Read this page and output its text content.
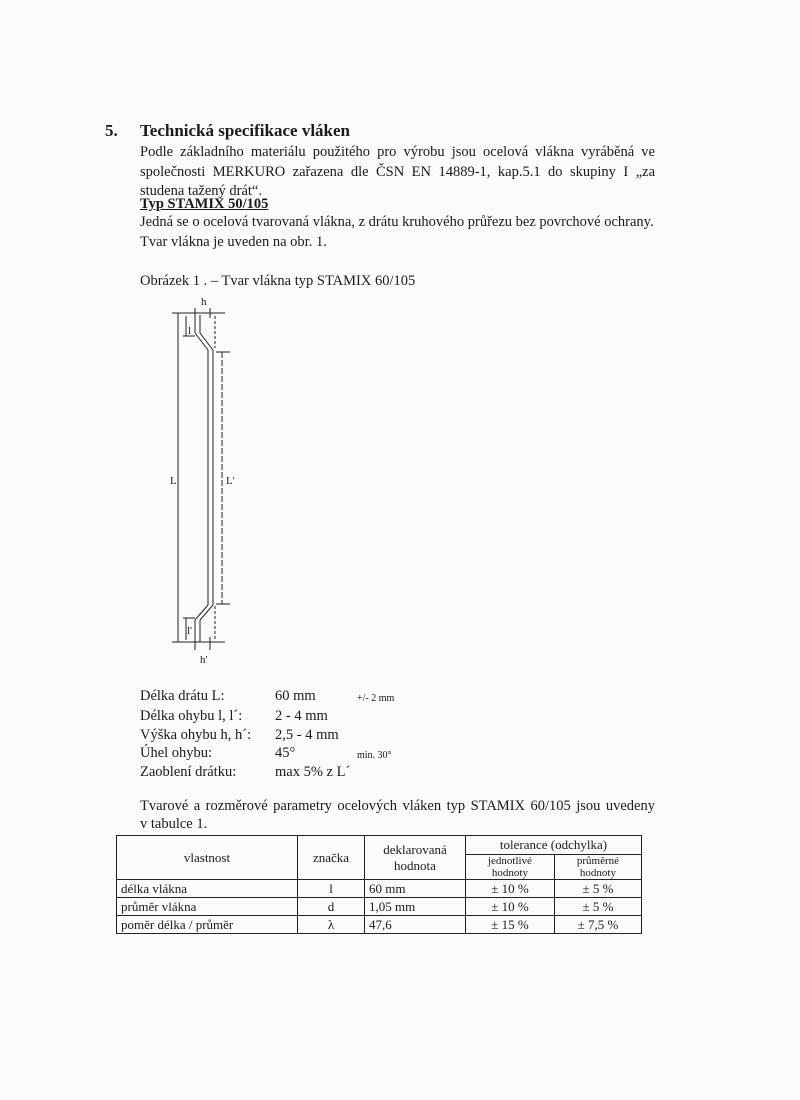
5. Technická specifikace vláken
Podle základního materiálu použitého pro výrobu jsou ocelová vlákna vyráběná ve
společnosti MERKURO zařazena dle ČSN EN 14889-1, kap.5.1 do skupiny I „za
studena tažený drát“.
Typ STAMIX 50/105
Jedná se o ocelová tvarovaná vlákna, z drátu kruhového průřezu bez povrchové ochrany.
Tvar vlákna je uveden na obr. 1.
Obrázek 1 . – Tvar vlákna typ STAMIX 60/105
h
l
L	L'
l'
h'
Délka drátu L:	60 mm	+/- 2 mm
Délka ohybu l, l´:	2 - 4 mm
Výška ohybu h, h´:	2,5 - 4 mm
Úhel ohybu:	45°	min. 30°
Zaoblení drátku:	max 5% z L´
Tvarové a rozměrové parametry ocelových vláken typ STAMIX 60/105 jsou uvedeny
v tabulce 1.
vlastnost	značka	deklarovaná hodnota	tolerance (odchylka)	
			jednotlivé hodnoty	průměrné hodnoty
délka vlákna	l	60 mm	± 10 %	± 5 %
průměr vlákna	d	1,05 mm	± 10 %	± 5 %
poměr délka / průměr	λ	47,6	± 15 %	± 7,5 %
